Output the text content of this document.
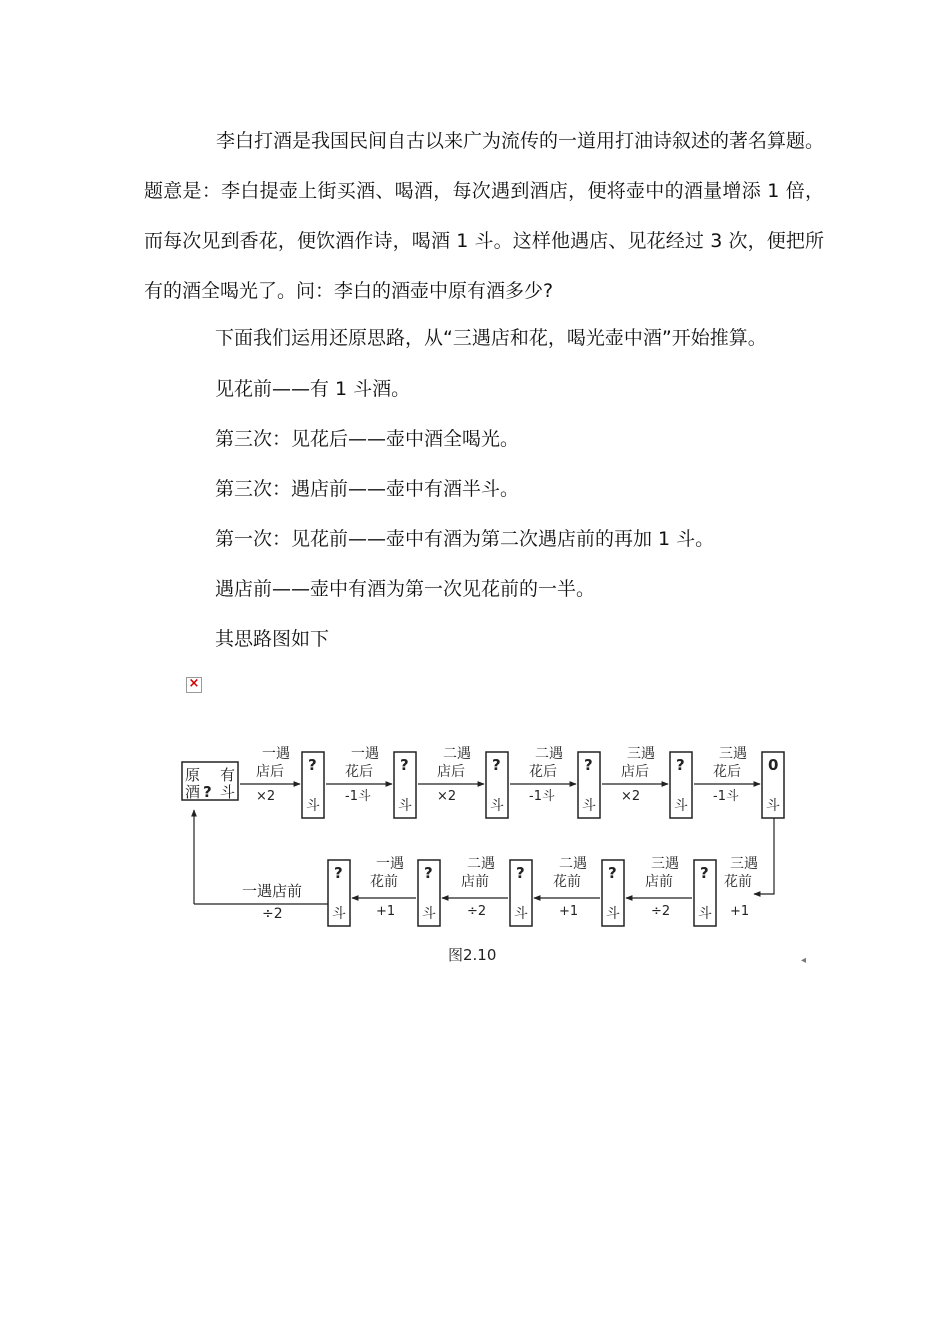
李白打酒是我国民间自古以来广为流传的一道用打油诗叙述的著名算题。题意是：李白提壶上街买酒、喝酒，每次遇到酒店，便将壶中的酒量增添 1 倍，而每次见到香花，便饮酒作诗，喝酒 1 斗。这样他遇店、见花经过 3 次，便把所有的酒全喝光了。问：李白的酒壶中原有酒多少?

下面我们运用还原思路，从“三遇店和花，喝光壶中酒”开始推算。

见花前——有 1 斗酒。

第三次：见花后——壶中酒全喝光。

第三次：遇店前——壶中有酒半斗。

第一次：见花前——壶中有酒为第二次遇店前的再加 1 斗。

遇店前——壶中有酒为第一次见花前的一半。

其思路图如下

×
原 有
酒 ? 斗
一 遇
店后
×2
?
斗
一 遇
花后
-1斗
?
斗
二 遇
店后
×2
?
斗
二 遇
花后
-1斗
?
斗
三 遇
店后
×2
?
斗
三 遇
花后
-1斗
0
斗
三 遇
花前
+1
?
斗
三 遇
店前
÷2
?
斗
二 遇
花前
+1
?
斗
二 遇
店前
÷2
?
斗
一 遇
花前
+1
?
斗
一遇店前
÷2
图2.10	◂
